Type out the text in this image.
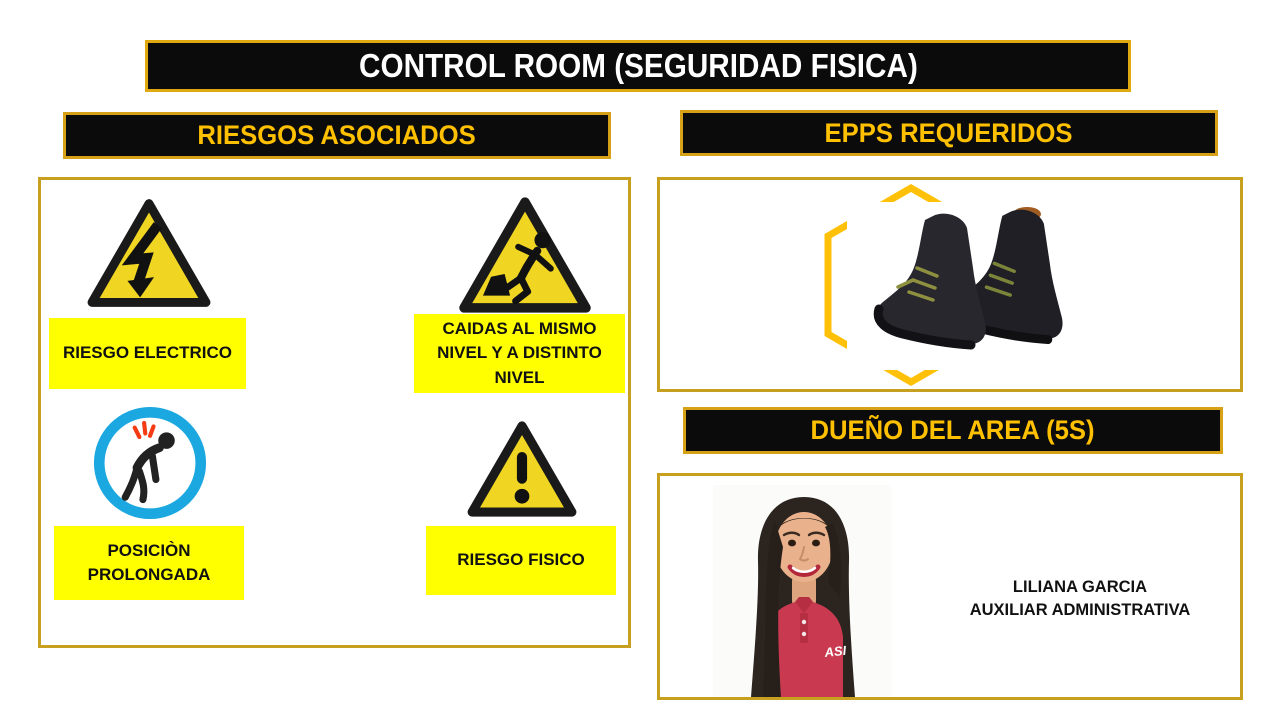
CONTROL ROOM (SEGURIDAD FISICA)
RIESGOS ASOCIADOS	EPPS REQUERIDOS
RIESGO ELECTRICO
CAIDAS AL MISMO NIVEL Y A DISTINTO NIVEL
POSICIÒN PROLONGADA
RIESGO FISICO
DUEÑO DEL AREA (5S)
ASI
LILIANA GARCIA
AUXILIAR ADMINISTRATIVA
